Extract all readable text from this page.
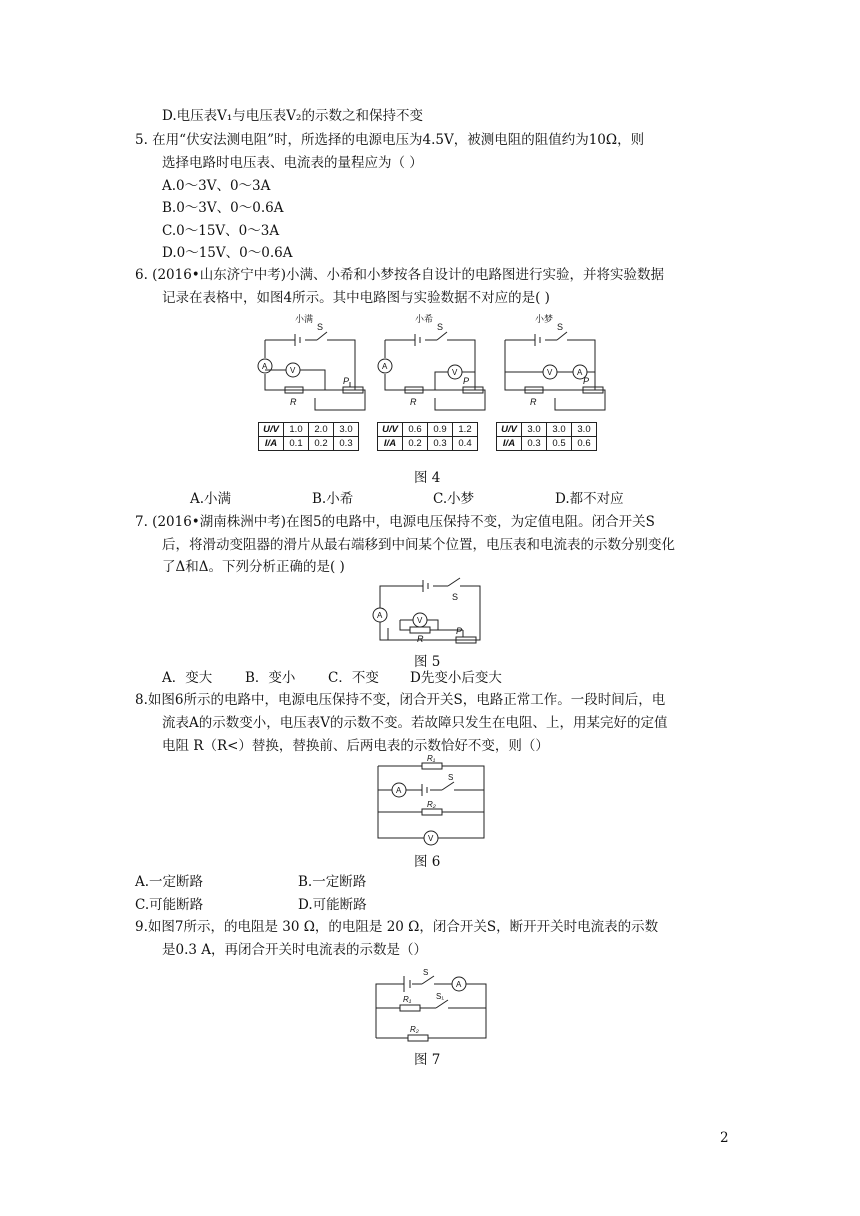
D.电压表V₁与电压表V₂的示数之和保持不变
5. 在用“伏安法测电阻”时，所选择的电源电压为4.5V，被测电阻的阻值约为10Ω，则
选择电路时电压表、电流表的量程应为（ ）
A.0～3V、0～3A
B.0～3V、0～0.6A
C.0～15V、0～3A
D.0～15V、0～0.6A
6. (2016•山东济宁中考)小满、小希和小梦按各自设计的电路图进行实验，并将实验数据
记录在表格中，如图4所示。其中电路图与实验数据不对应的是( )
小满	小希	小梦
S	S	S
A	V	A
V	V	A
R	R	R
P	P	P
U/V	1.0	2.0	3.0
I/A	0.1	0.2	0.3
U/V	0.6	0.9	1.2
I/A	0.2	0.3	0.4
U/V	3.0	3.0	3.0
I/A	0.3	0.5	0.6
图 4
A.小满	B.小希	C.小梦	D.都不对应
7. (2016•湖南株洲中考)在图5的电路中，电源电压保持不变，为定值电阻。闭合开关S
后，将滑动变阻器的滑片从最右端移到中间某个位置，电压表和电流表的示数分别变化
了Δ和Δ。下列分析正确的是( )
A
V
S
R
P
图 5
A．变大 B．变小 C．不变 D先变小后变大
8.如图6所示的电路中，电源电压保持不变，闭合开关S，电路正常工作。一段时间后，电
流表A的示数变小，电压表V的示数不变。若故障只发生在电阻、上，用某完好的定值
电阻 R（R<）替换，替换前、后两电表的示数恰好不变，则（）
R₁
A
S
R₂
V
图 6
A.一定断路	B.一定断路
C.可能断路	D.可能断路
9.如图7所示，的电阻是 30 Ω，的电阻是 20 Ω，闭合开关S，断开开关时电流表的示数
是0.3 A，再闭合开关时电流表的示数是（）
S
A
R₁	S₁
R₂
图 7
2
